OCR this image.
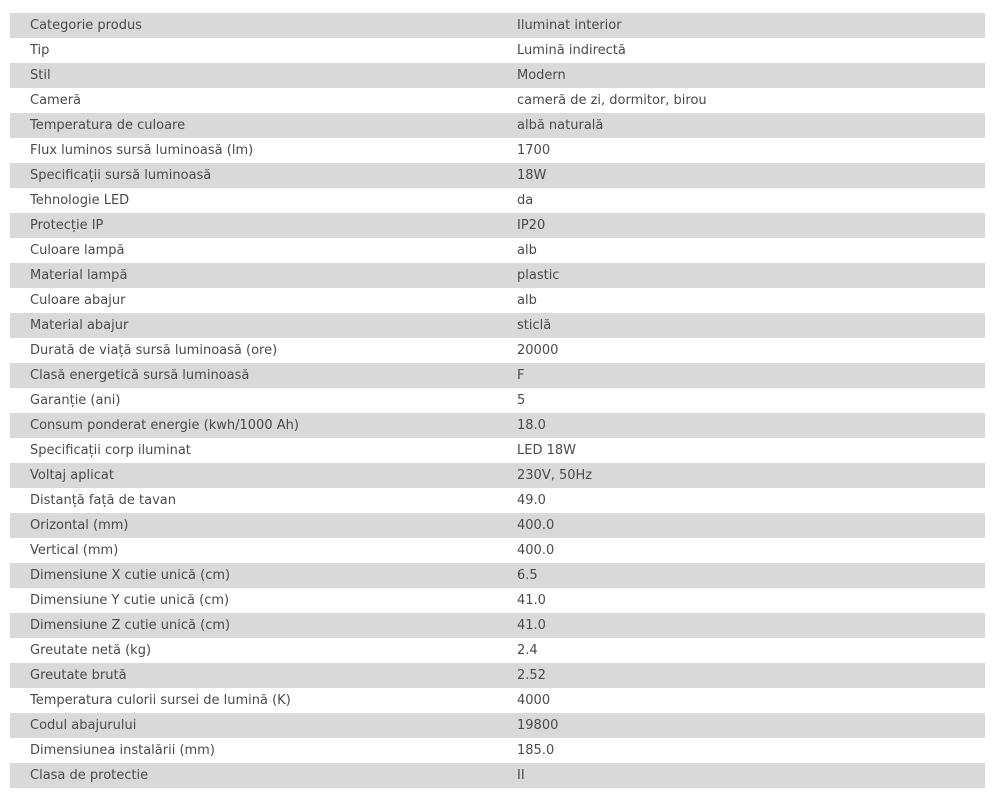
Categorie produs	Iluminat interior
Tip	Lumină indirectă
Stil	Modern
Cameră	cameră de zi, dormitor, birou
Temperatura de culoare	albă naturală
Flux luminos sursă luminoasă (lm)	1700
Specificații sursă luminoasă	18W
Tehnologie LED	da
Protecție IP	IP20
Culoare lampă	alb
Material lampă	plastic
Culoare abajur	alb
Material abajur	sticlă
Durată de viață sursă luminoasă (ore)	20000
Clasă energetică sursă luminoasă	F
Garanție (ani)	5
Consum ponderat energie (kwh/1000 Ah)	18.0
Specificații corp iluminat	LED 18W
Voltaj aplicat	230V, 50Hz
Distanță față de tavan	49.0
Orizontal (mm)	400.0
Vertical (mm)	400.0
Dimensiune X cutie unică (cm)	6.5
Dimensiune Y cutie unică (cm)	41.0
Dimensiune Z cutie unică (cm)	41.0
Greutate netă (kg)	2.4
Greutate brută	2.52
Temperatura culorii sursei de lumină (K)	4000
Codul abajurului	19800
Dimensiunea instalării (mm)	185.0
Clasa de protectie	II
